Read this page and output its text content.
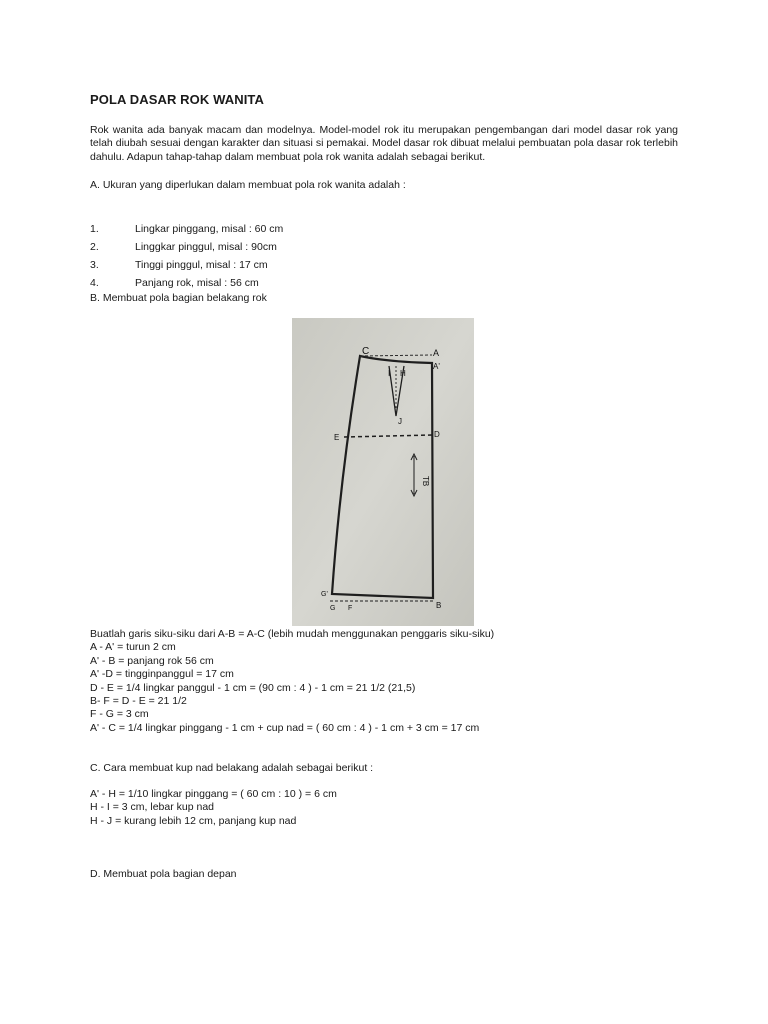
POLA DASAR ROK WANITA

Rok wanita ada banyak macam dan modelnya. Model-model rok itu merupakan pengembangan dari model dasar rok yang telah diubah sesuai dengan karakter dan situasi si pemakai. Model dasar rok dibuat melalui pembuatan pola dasar rok terlebih dahulu. Adapun tahap-tahap dalam membuat pola rok wanita adalah sebagai berikut.

A. Ukuran yang diperlukan dalam membuat pola rok wanita adalah :
1.	Lingkar pinggang, misal : 60 cm
2.	Linggkar pinggul, misal : 90cm
3.	Tinggi pinggul, misal : 17 cm
4.	Panjang rok, misal : 56 cm
B. Membuat pola bagian belakang rok
C	A
A'
I H
J
E	D
TB
G'
G F	B
Buatlah garis siku-siku dari A-B = A-C (lebih mudah menggunakan penggaris siku-siku)
A - A' = turun 2 cm
A' - B = panjang rok 56 cm
A' -D = tingginpanggul = 17 cm
D - E = 1/4 lingkar panggul - 1 cm = (90 cm : 4 ) - 1 cm = 21 1/2 (21,5)
B- F = D - E = 21 1/2
F - G = 3 cm
A' - C = 1/4 lingkar pinggang - 1 cm + cup nad = ( 60 cm : 4 ) - 1 cm + 3 cm = 17 cm
C. Cara membuat kup nad belakang adalah sebagai berikut :
A' - H = 1/10 lingkar pinggang = ( 60 cm : 10 ) = 6 cm
H - I = 3 cm, lebar kup nad
H - J = kurang lebih 12 cm, panjang kup nad
D. Membuat pola bagian depan
